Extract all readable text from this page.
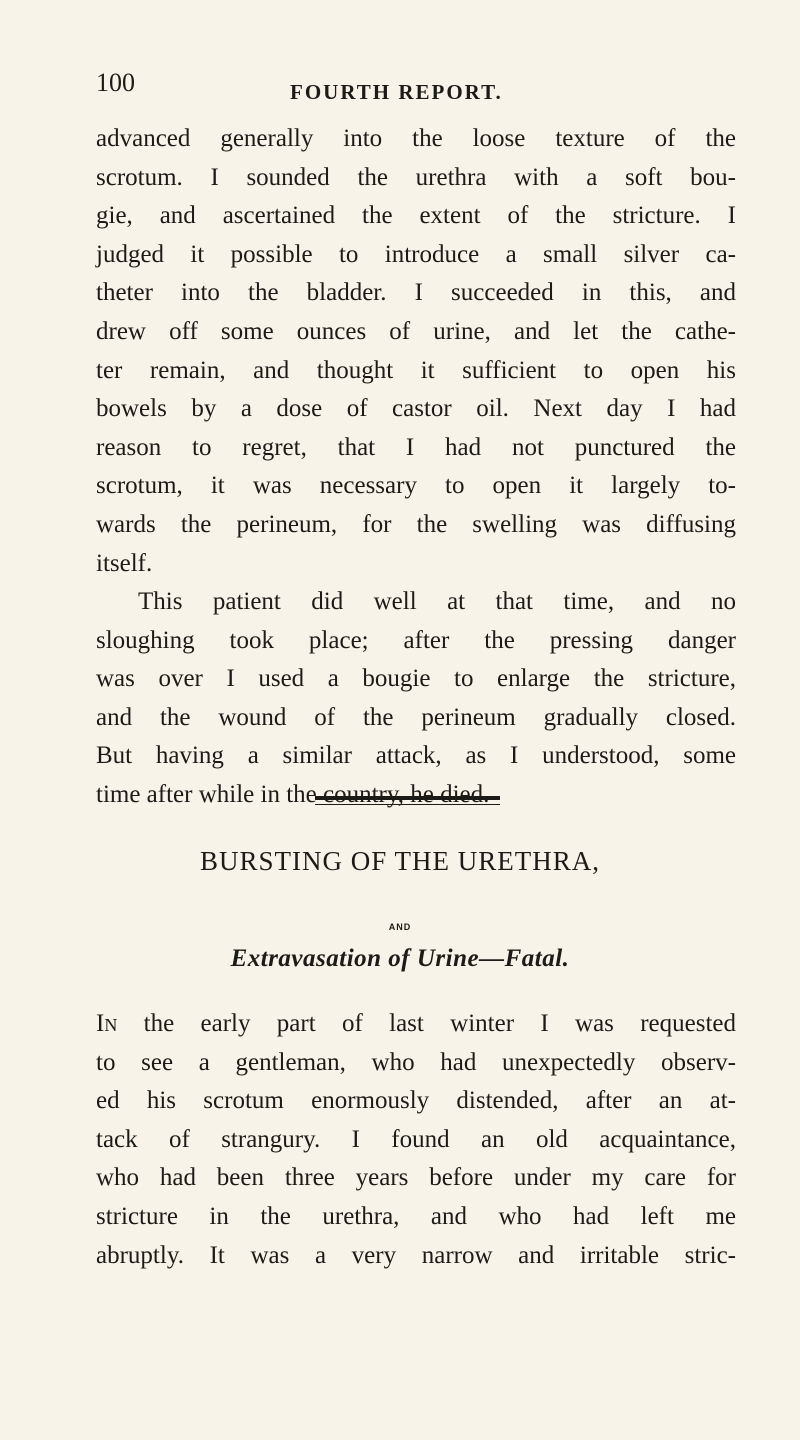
100	FOURTH REPORT.
advanced generally into the loose texture of the
scrotum. I sounded the urethra with a soft bou-
gie, and ascertained the extent of the stricture. I
judged it possible to introduce a small silver ca-
theter into the bladder. I succeeded in this, and
drew off some ounces of urine, and let the cathe-
ter remain, and thought it sufficient to open his
bowels by a dose of castor oil. Next day I had
reason to regret, that I had not punctured the
scrotum, it was necessary to open it largely to-
wards the perineum, for the swelling was diffusing
itself.
This patient did well at that time, and no
sloughing took place; after the pressing danger
was over I used a bougie to enlarge the stricture,
and the wound of the perineum gradually closed.
But having a similar attack, as I understood, some
time after while in the country, he died.
BURSTING OF THE URETHRA,
AND
Extravasation of Urine—Fatal.
In the early part of last winter I was requested
to see a gentleman, who had unexpectedly observ-
ed his scrotum enormously distended, after an at-
tack of strangury. I found an old acquaintance,
who had been three years before under my care for
stricture in the urethra, and who had left me
abruptly. It was a very narrow and irritable stric-
